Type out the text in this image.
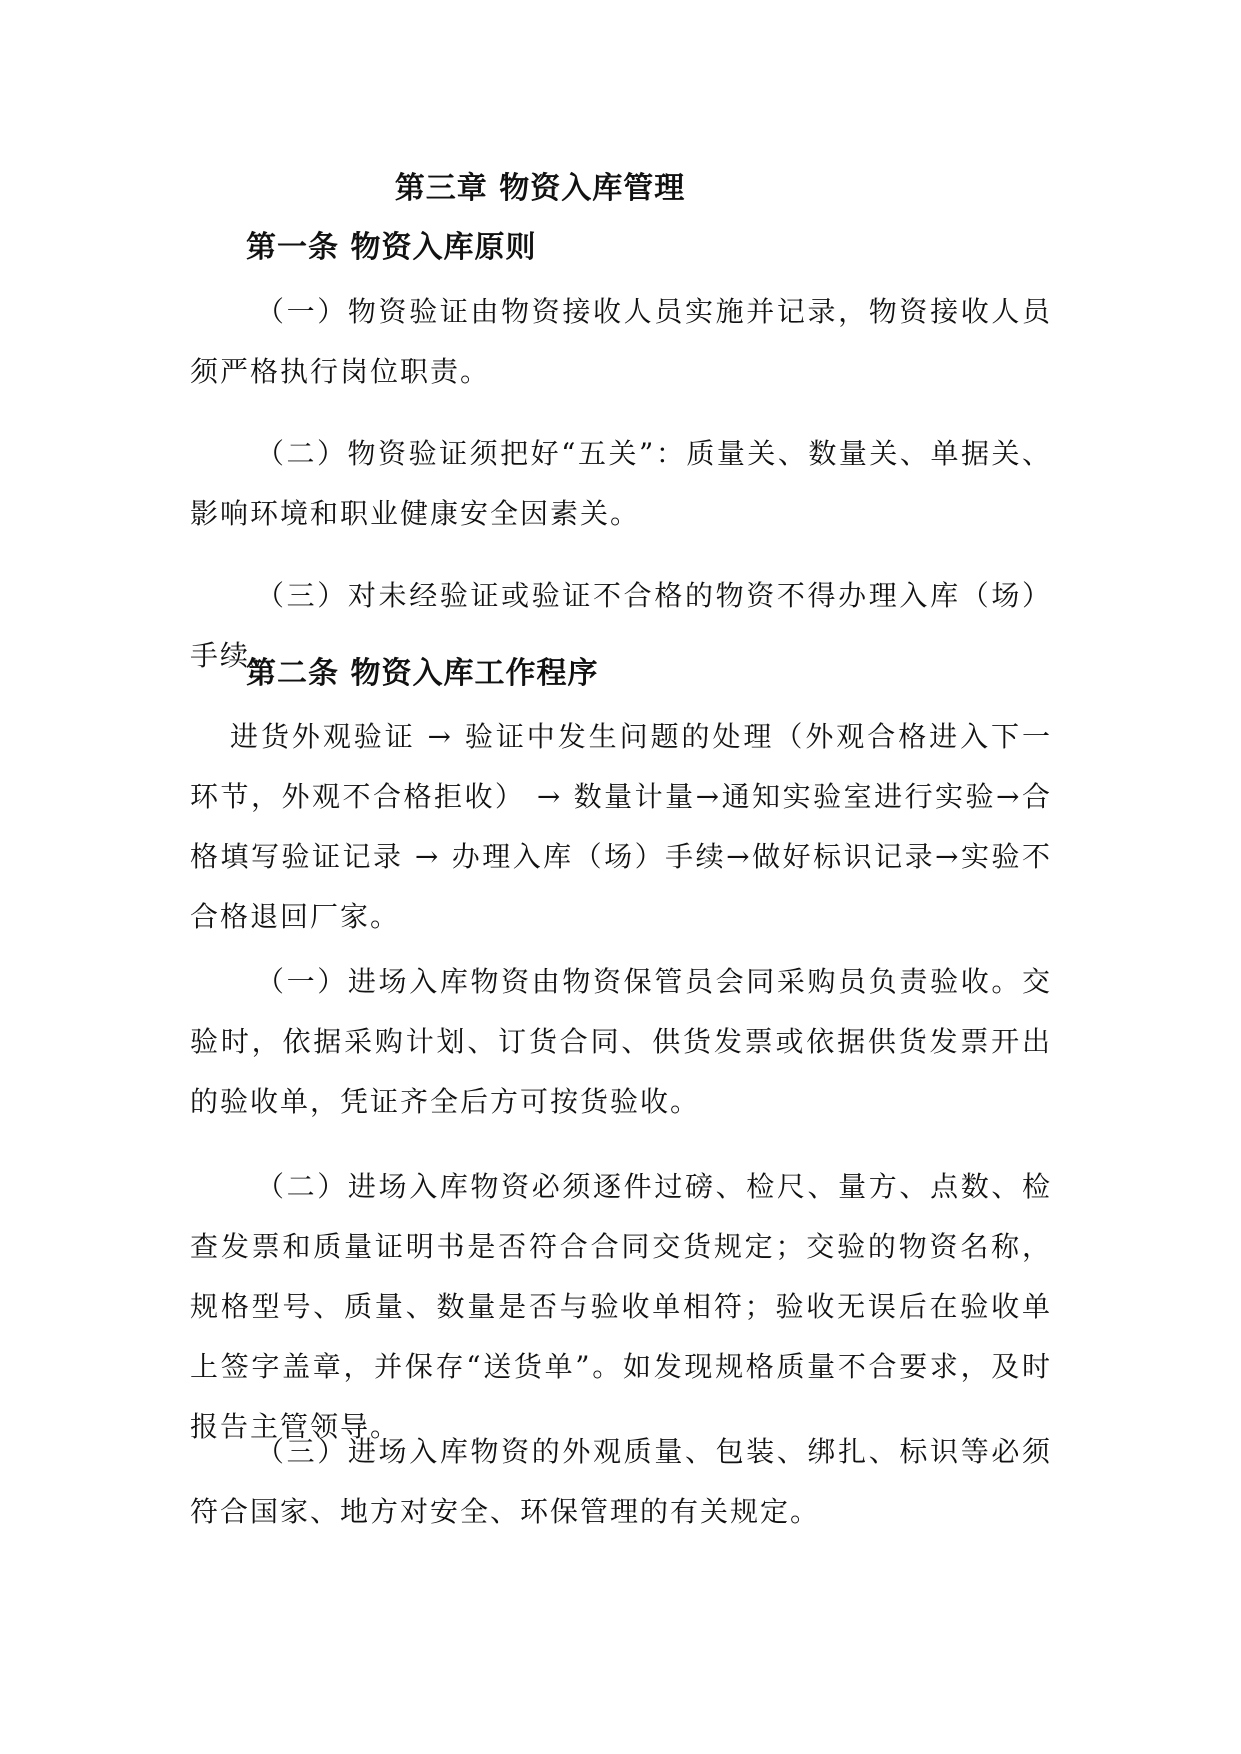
第三章 物资入库管理
第一条 物资入库原则

（一）物资验证由物资接收人员实施并记录，物资接收人员须严格执行岗位职责。

（二）物资验证须把好“五关”：质量关、数量关、单据关、影响环境和职业健康安全因素关。

（三）对未经验证或验证不合格的物资不得办理入库（场）手续。

第二条 物资入库工作程序

进货外观验证 → 验证中发生问题的处理（外观合格进入下一环节，外观不合格拒收） → 数量计量→通知实验室进行实验→合格填写验证记录 → 办理入库（场）手续→做好标识记录→实验不合格退回厂家。

（一）进场入库物资由物资保管员会同采购员负责验收。交验时，依据采购计划、订货合同、供货发票或依据供货发票开出的验收单，凭证齐全后方可按货验收。

（二）进场入库物资必须逐件过磅、检尺、量方、点数、检查发票和质量证明书是否符合合同交货规定；交验的物资名称，规格型号、质量、数量是否与验收单相符；验收无误后在验收单上签字盖章，并保存“送货单”。如发现规格质量不合要求，及时报告主管领导。

（三）进场入库物资的外观质量、包装、绑扎、标识等必须符合国家、地方对安全、环保管理的有关规定。
